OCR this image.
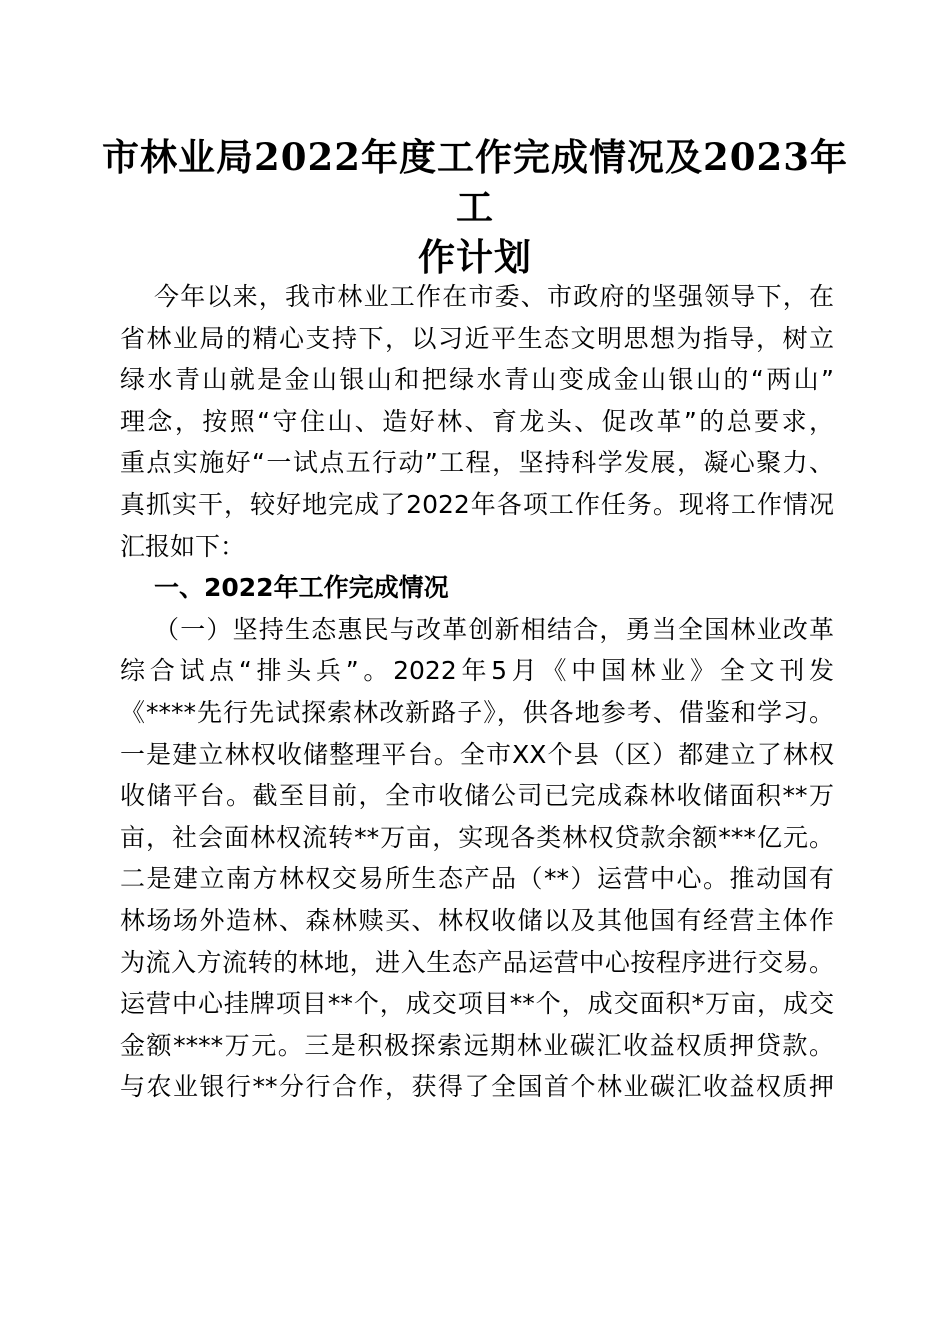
市林业局2022年度工作完成情况及2023年工
作计划
今年以来，我市林业工作在市委、市政府的坚强领导下，在
省林业局的精心支持下，以习近平生态文明思想为指导，树立
绿水青山就是金山银山和把绿水青山变成金山银山的“两山”
理念，按照“守住山、造好林、育龙头、促改革”的总要求，
重点实施好“一试点五行动”工程，坚持科学发展，凝心聚力、
真抓实干，较好地完成了2022年各项工作任务。现将工作情况
汇报如下：
一、2022年工作完成情况
（一）坚持生态惠民与改革创新相结合，勇当全国林业改革
综合试点“排头兵”。2022年5月《中国林业》全文刊发
《****先行先试探索林改新路子》，供各地参考、借鉴和学习。
一是建立林权收储整理平台。全市XX个县（区）都建立了林权
收储平台。截至目前，全市收储公司已完成森林收储面积**万
亩，社会面林权流转**万亩，实现各类林权贷款余额***亿元。
二是建立南方林权交易所生态产品（**）运营中心。推动国有
林场场外造林、森林赎买、林权收储以及其他国有经营主体作
为流入方流转的林地，进入生态产品运营中心按程序进行交易。
运营中心挂牌项目**个，成交项目**个，成交面积*万亩，成交
金额****万元。三是积极探索远期林业碳汇收益权质押贷款。
与农业银行**分行合作，获得了全国首个林业碳汇收益权质押
